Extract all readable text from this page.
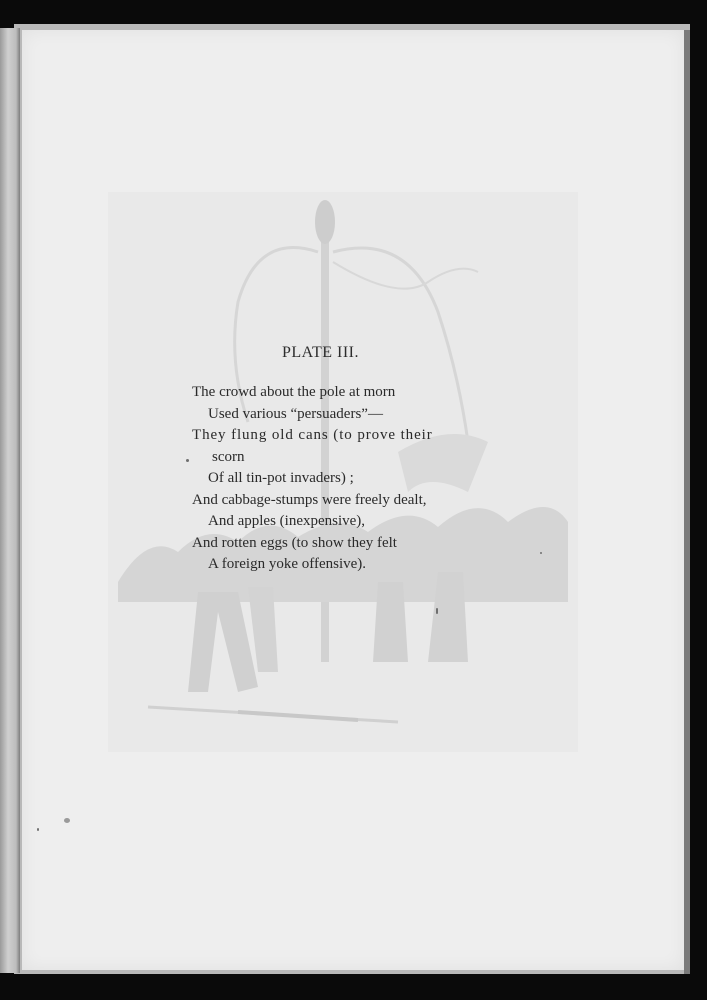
PLATE III.
The crowd about the pole at morn
Used various “persuaders”—
They flung old cans (to prove their
scorn
Of all tin-pot invaders) ;
And cabbage-stumps were freely dealt,
And apples (inexpensive),
And rotten eggs (to show they felt
A foreign yoke offensive).
